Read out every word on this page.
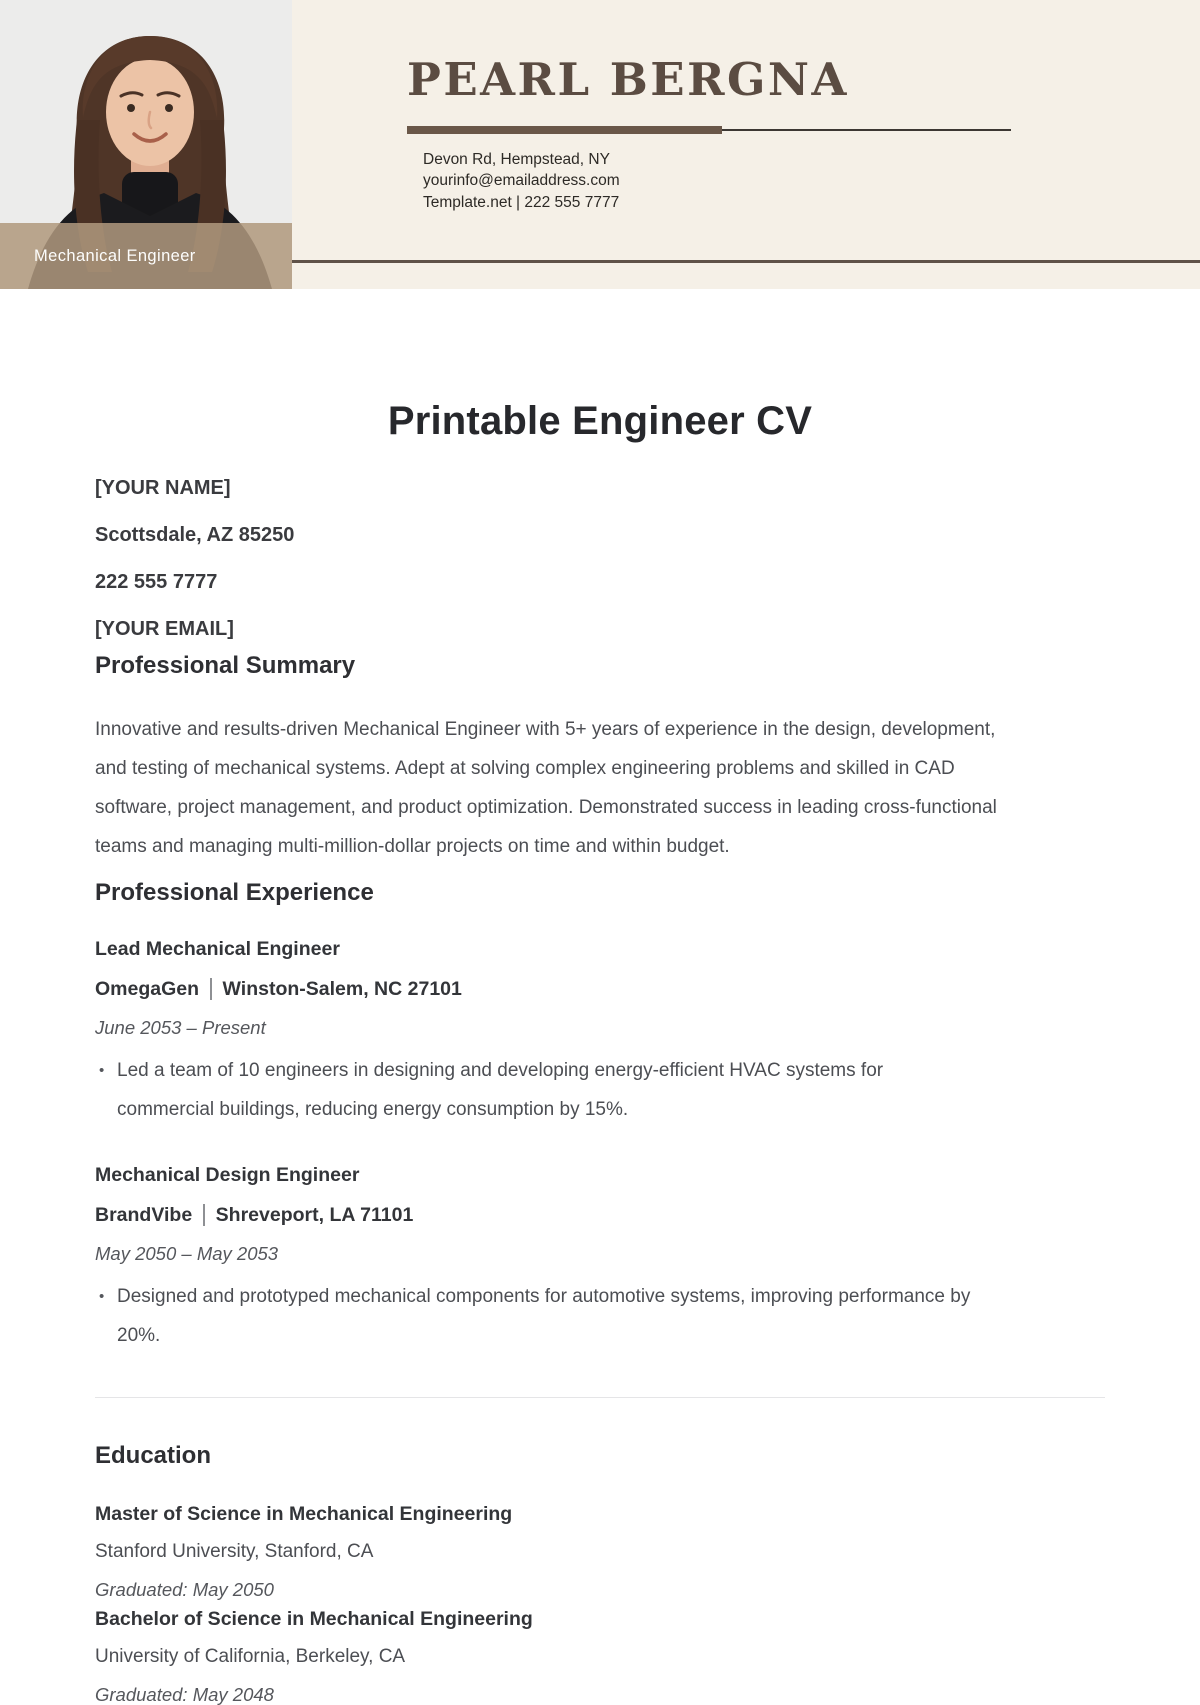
Mechanical Engineer
PEARL BERGNA
Devon Rd, Hempstead, NY
yourinfo@emailaddress.com
Template.net | 222 555 7777
Printable Engineer CV
[YOUR NAME]
Scottsdale, AZ 85250
222 555 7777
[YOUR EMAIL]
Professional Summary

Innovative and results-driven Mechanical Engineer with 5+ years of experience in the design, development, and testing of mechanical systems. Adept at solving complex engineering problems and skilled in CAD software, project management, and product optimization. Demonstrated success in leading cross-functional teams and managing multi-million-dollar projects on time and within budget.

Professional Experience
Lead Mechanical Engineer
OmegaGen Winston-Salem, NC 27101
June 2053 – Present
• Led a team of 10 engineers in designing and developing energy-efficient HVAC systems for commercial buildings, reducing energy consumption by 15%.
Mechanical Design Engineer
BrandVibe Shreveport, LA 71101
May 2050 – May 2053
• Designed and prototyped mechanical components for automotive systems, improving performance by 20%.
Education
Master of Science in Mechanical Engineering
Stanford University, Stanford, CA
Graduated: May 2050
Bachelor of Science in Mechanical Engineering
University of California, Berkeley, CA
Graduated: May 2048
